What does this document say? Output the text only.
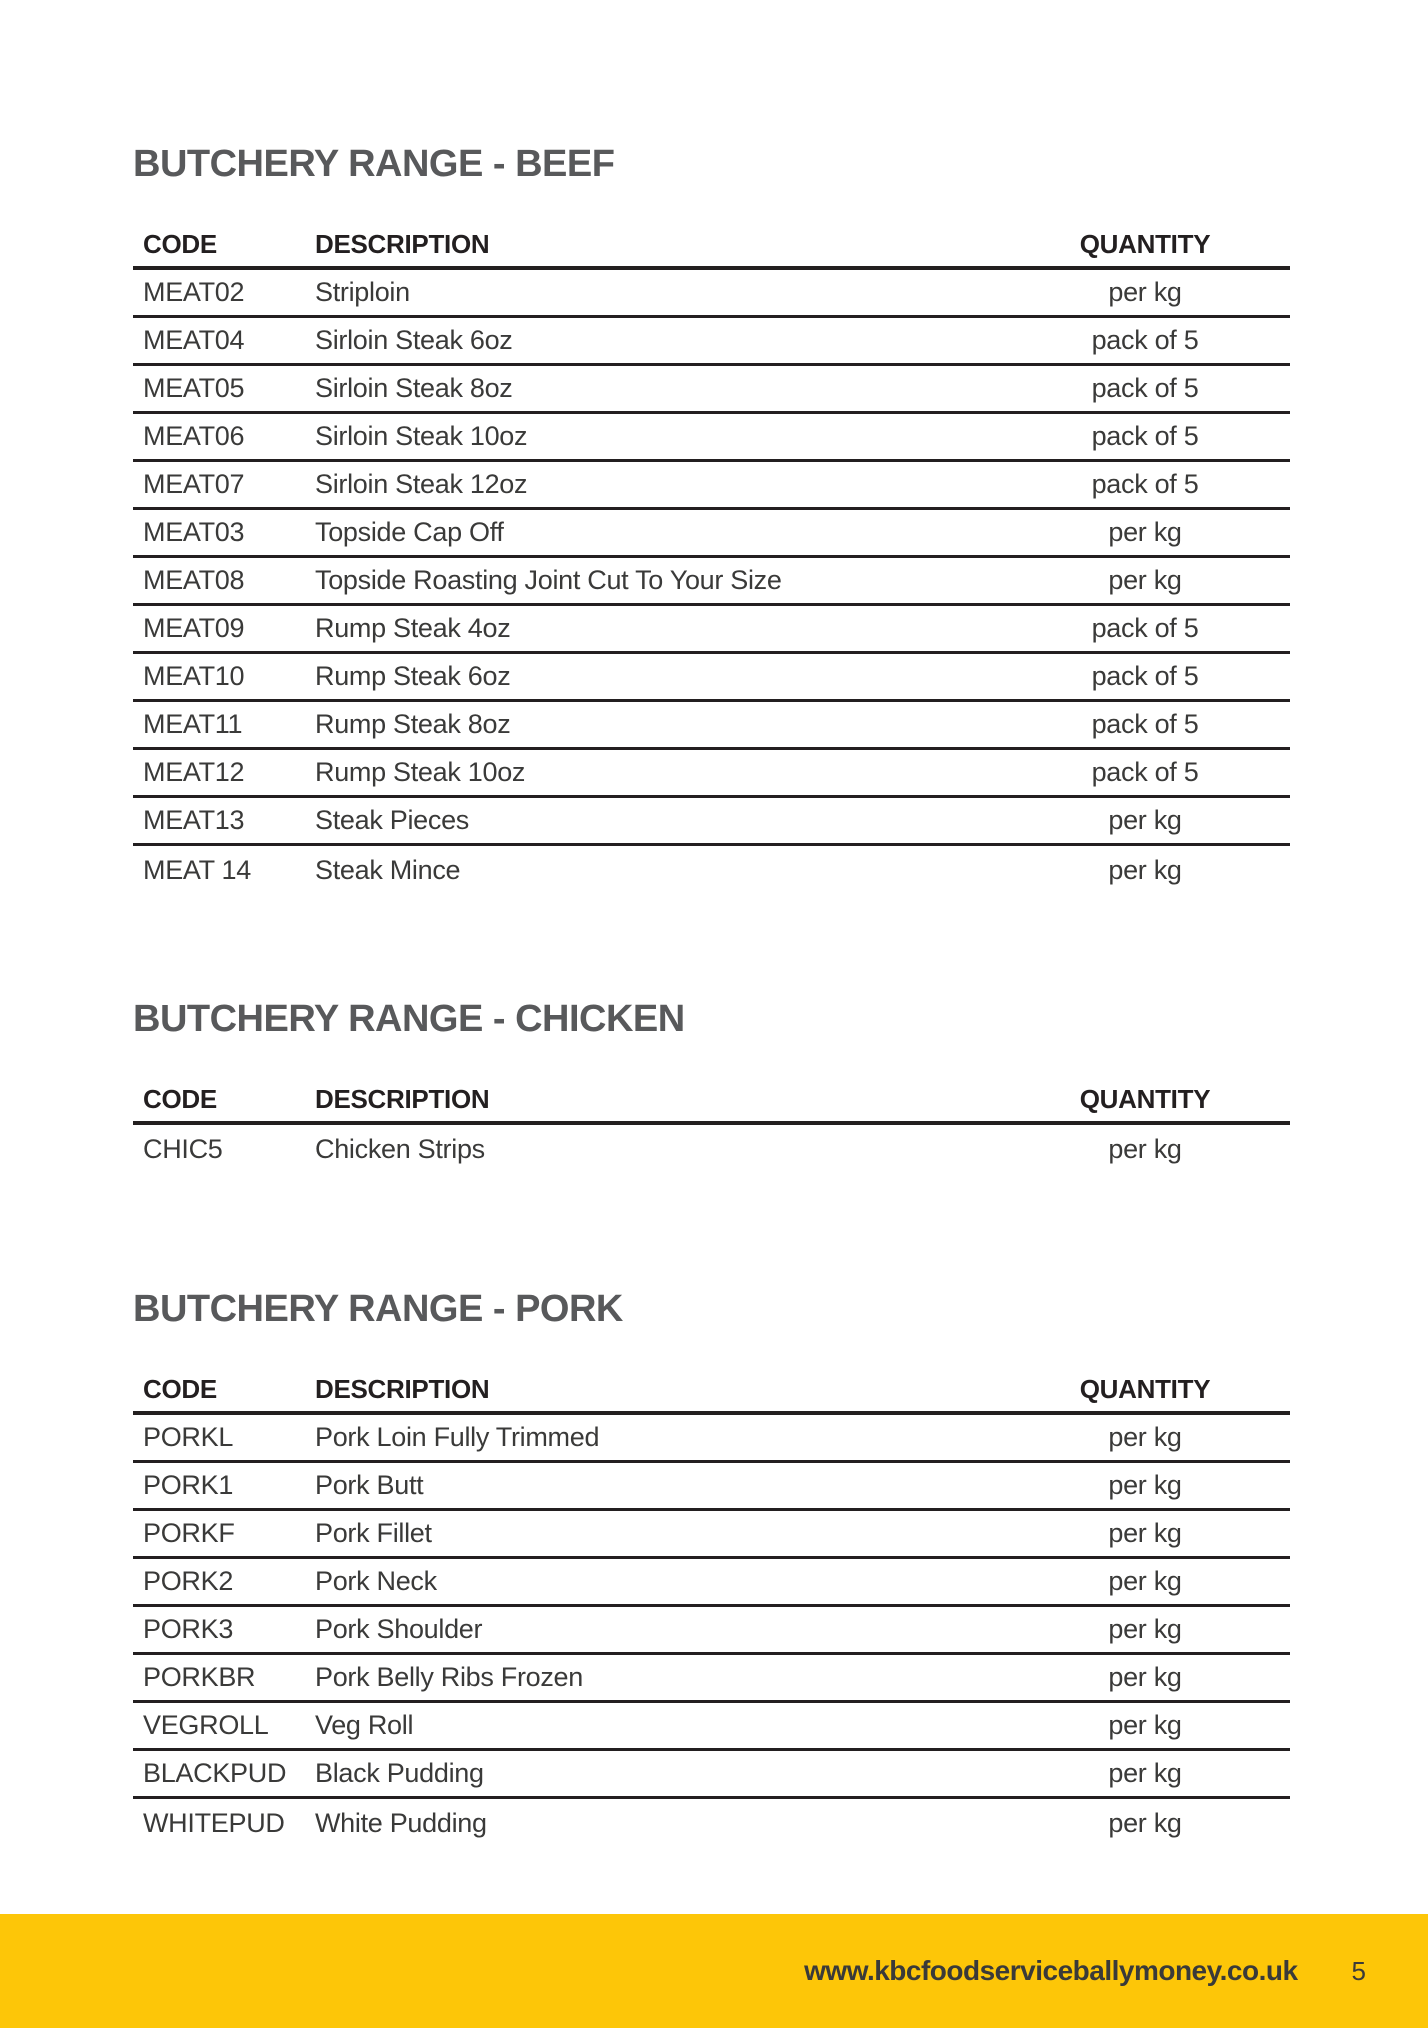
BUTCHERY RANGE - BEEF
CODE	DESCRIPTION	QUANTITY
MEAT02	Striploin	per kg
MEAT04	Sirloin Steak 6oz	pack of 5
MEAT05	Sirloin Steak 8oz	pack of 5
MEAT06	Sirloin Steak 10oz	pack of 5
MEAT07	Sirloin Steak 12oz	pack of 5
MEAT03	Topside Cap Off	per kg
MEAT08	Topside Roasting Joint Cut To Your Size	per kg
MEAT09	Rump Steak 4oz	pack of 5
MEAT10	Rump Steak 6oz	pack of 5
MEAT11	Rump Steak 8oz	pack of 5
MEAT12	Rump Steak 10oz	pack of 5
MEAT13	Steak Pieces	per kg
MEAT 14	Steak Mince	per kg
BUTCHERY RANGE - CHICKEN
CODE	DESCRIPTION	QUANTITY
CHIC5	Chicken Strips	per kg
BUTCHERY RANGE - PORK
CODE	DESCRIPTION	QUANTITY
PORKL	Pork Loin Fully Trimmed	per kg
PORK1	Pork Butt	per kg
PORKF	Pork Fillet	per kg
PORK2	Pork Neck	per kg
PORK3	Pork Shoulder	per kg
PORKBR	Pork Belly Ribs Frozen	per kg
VEGROLL	Veg Roll	per kg
BLACKPUD	Black Pudding	per kg
WHITEPUD	White Pudding	per kg
www.kbcfoodserviceballymoney.co.uk 5
